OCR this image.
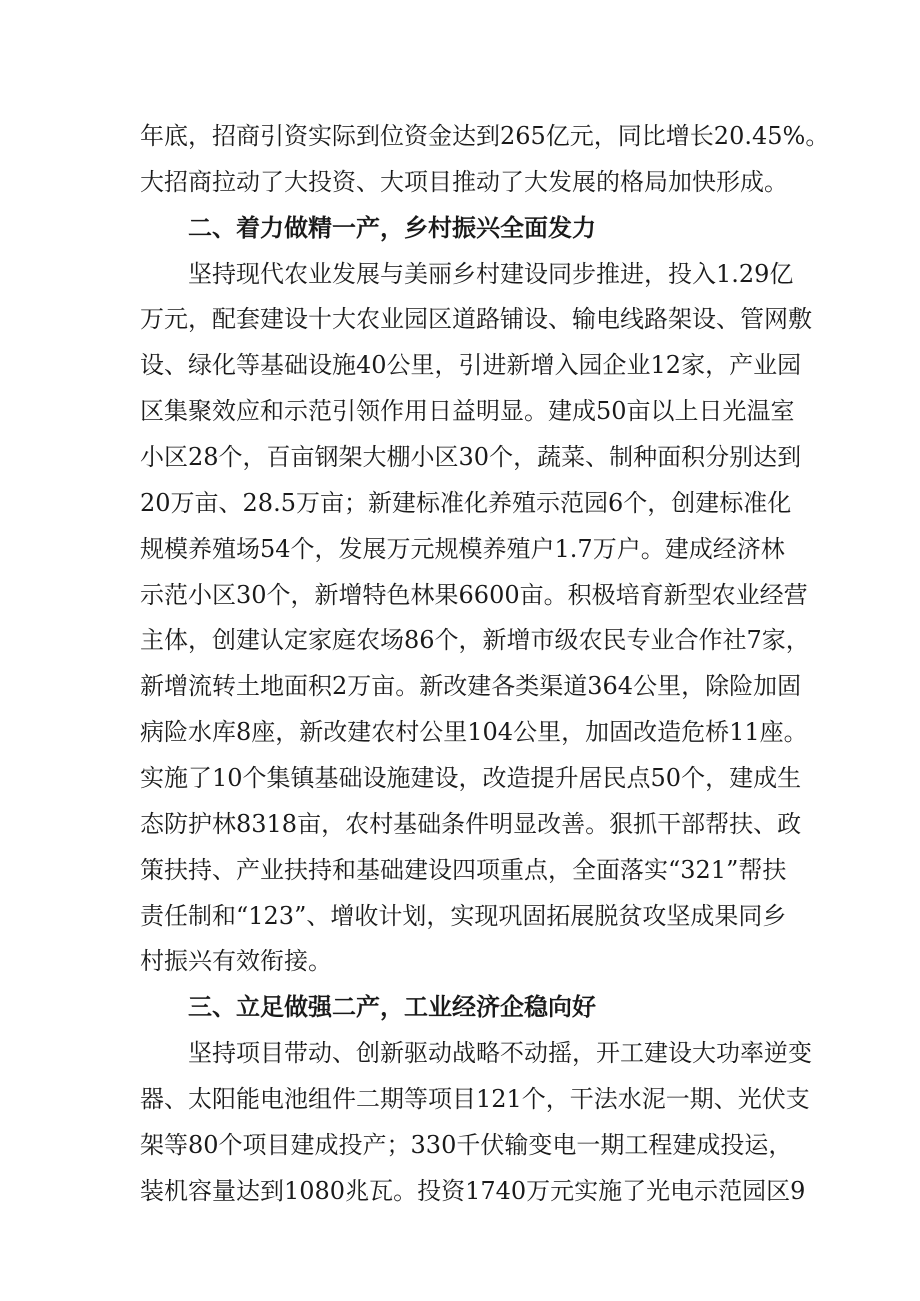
年底，招商引资实际到位资金达到265亿元，同比增长20.45%。
大招商拉动了大投资、大项目推动了大发展的格局加快形成。
二、着力做精一产，乡村振兴全面发力
坚持现代农业发展与美丽乡村建设同步推进，投入1.29亿
万元，配套建设十大农业园区道路铺设、输电线路架设、管网敷
设、绿化等基础设施40公里，引进新增入园企业12家，产业园
区集聚效应和示范引领作用日益明显。建成50亩以上日光温室
小区28个，百亩钢架大棚小区30个，蔬菜、制种面积分别达到
20万亩、28.5万亩；新建标准化养殖示范园6个，创建标准化
规模养殖场54个，发展万元规模养殖户1.7万户。建成经济林
示范小区30个，新增特色林果6600亩。积极培育新型农业经营
主体，创建认定家庭农场86个，新增市级农民专业合作社7家，
新增流转土地面积2万亩。新改建各类渠道364公里，除险加固
病险水库8座，新改建农村公里104公里，加固改造危桥11座。
实施了10个集镇基础设施建设，改造提升居民点50个，建成生
态防护林8318亩，农村基础条件明显改善。狠抓干部帮扶、政
策扶持、产业扶持和基础建设四项重点，全面落实“321”帮扶
责任制和“123”、增收计划，实现巩固拓展脱贫攻坚成果同乡
村振兴有效衔接。
三、立足做强二产，工业经济企稳向好
坚持项目带动、创新驱动战略不动摇，开工建设大功率逆变
器、太阳能电池组件二期等项目121个，干法水泥一期、光伏支
架等80个项目建成投产；330千伏输变电一期工程建成投运，
装机容量达到1080兆瓦。投资1740万元实施了光电示范园区9
